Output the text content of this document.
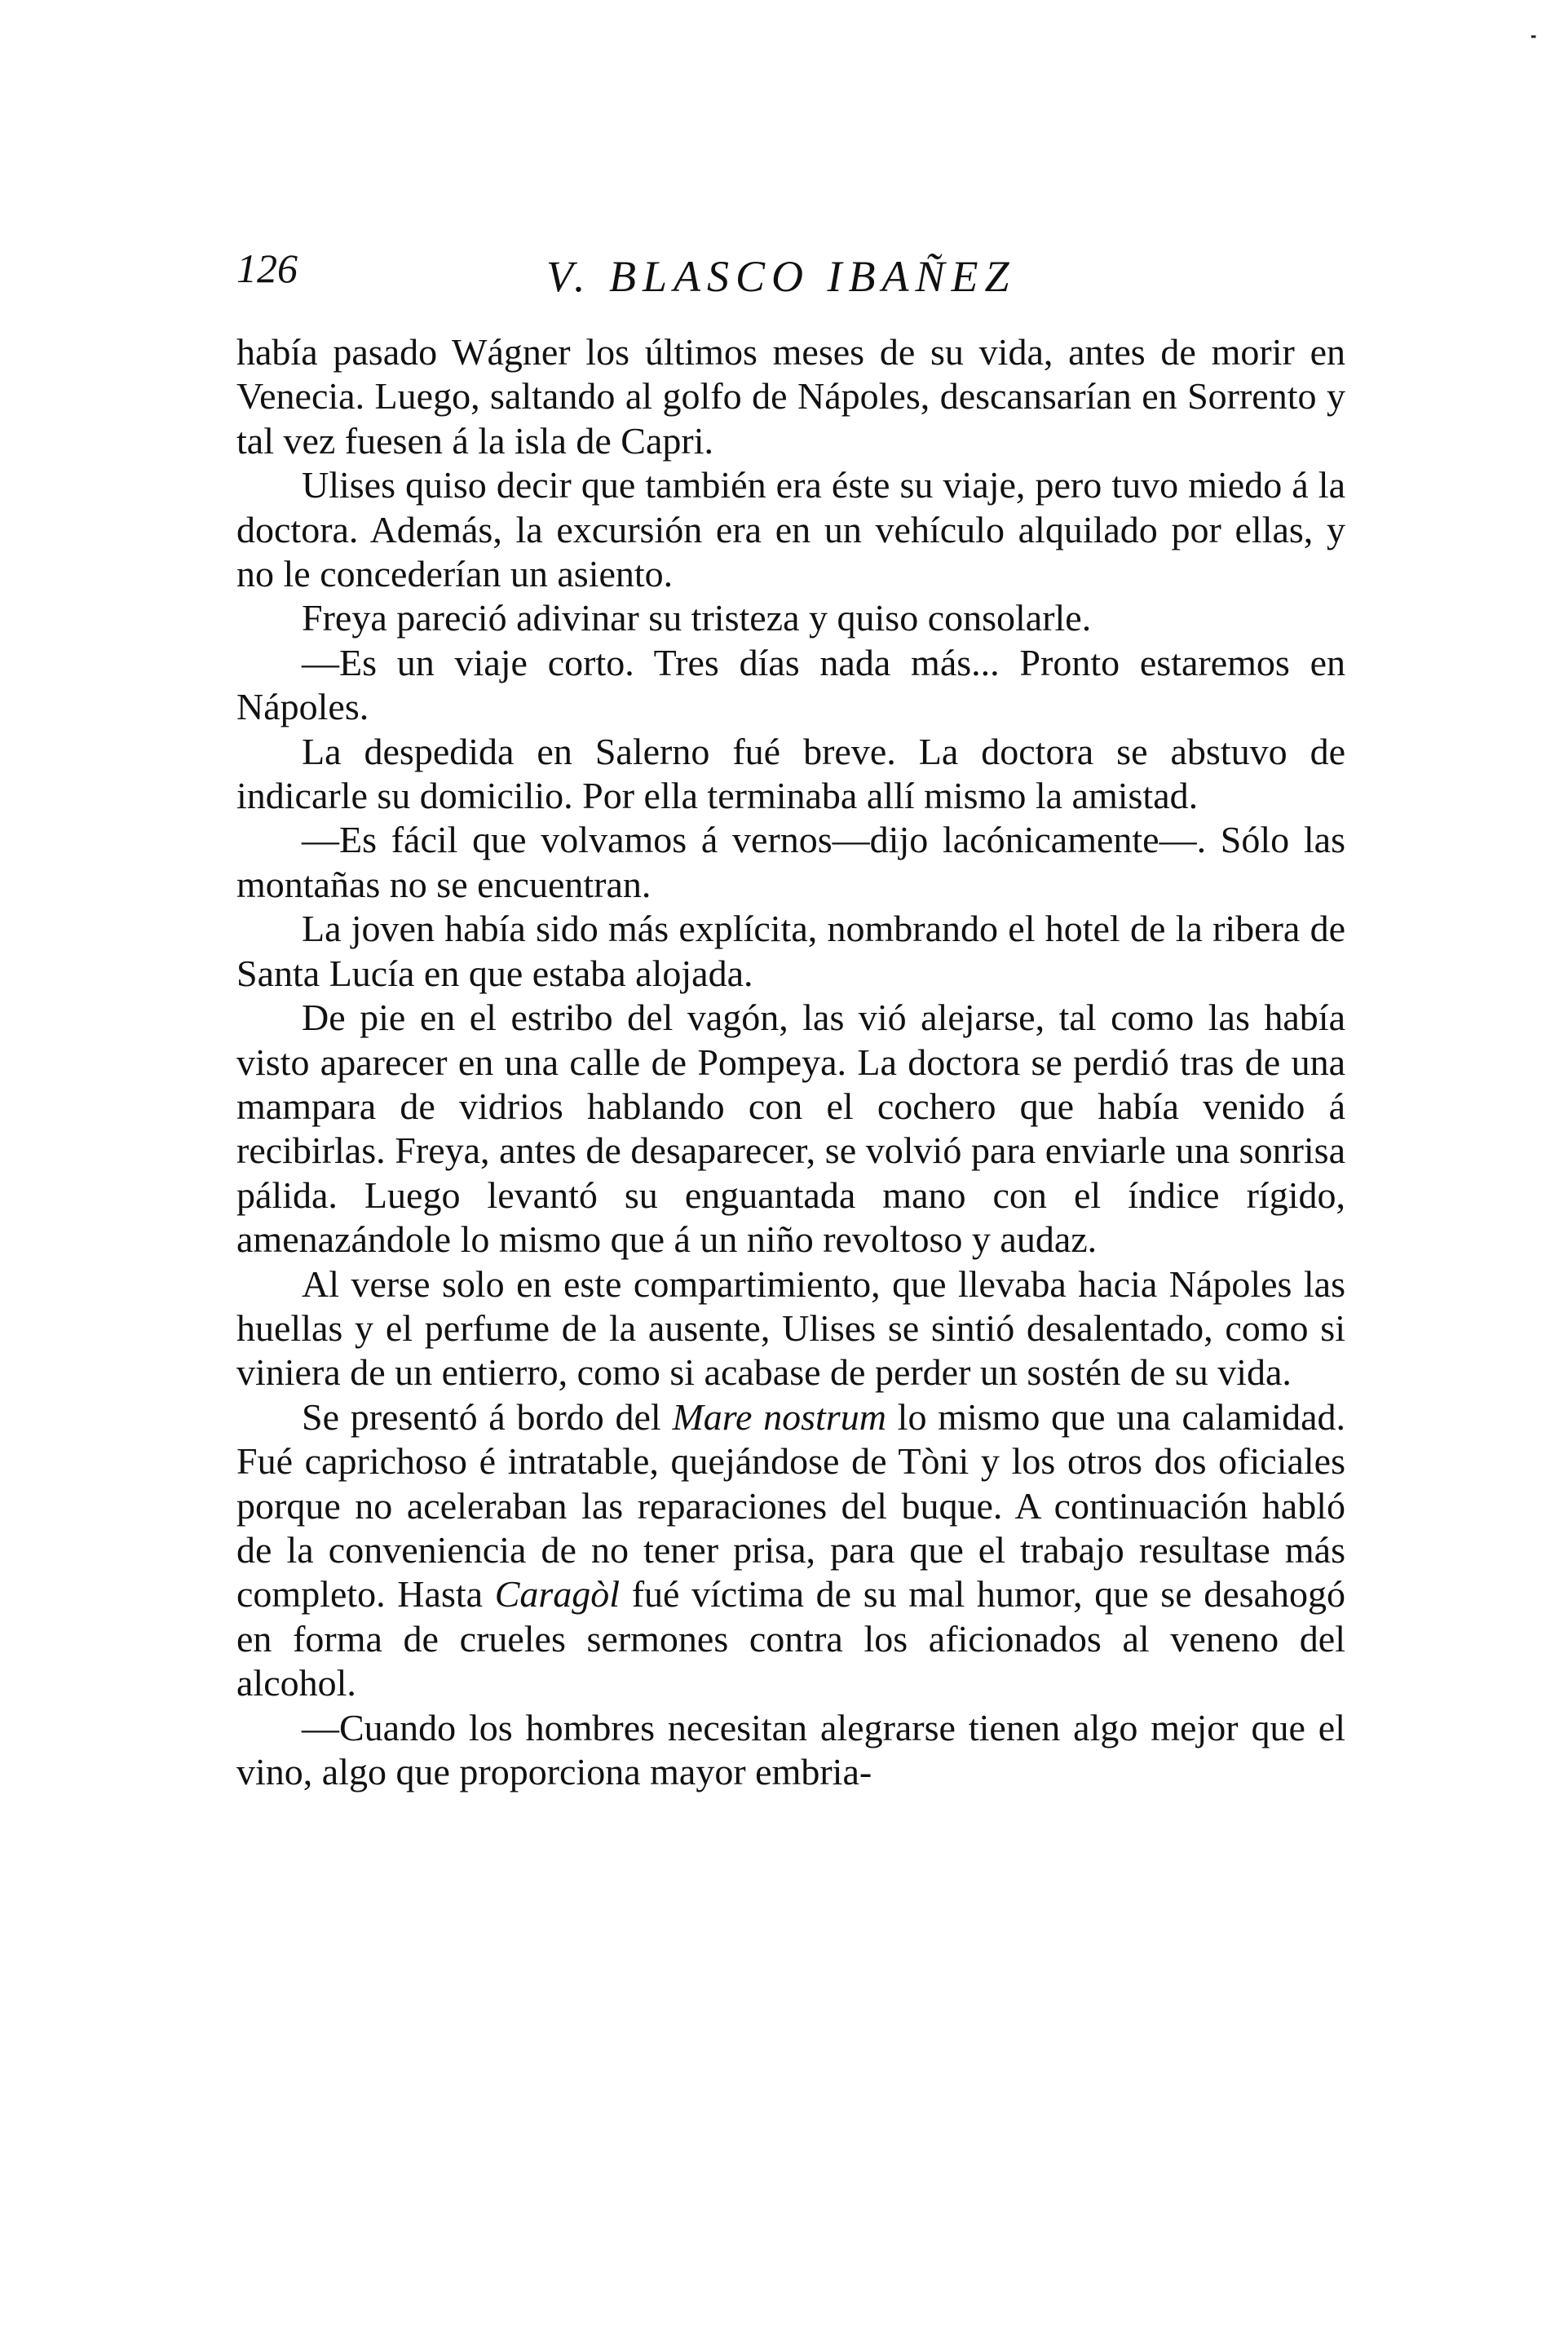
╸
126	V. BLASCO IBAÑEZ

había pasado Wágner los últimos meses de su vida, antes de morir en Venecia. Luego, saltando al golfo de Nápoles, descansarían en Sorrento y tal vez fuesen á la isla de Capri.

Ulises quiso decir que también era éste su viaje, pero tuvo miedo á la doctora. Además, la excursión era en un vehículo alquilado por ellas, y no le concederían un asiento.

Freya pareció adivinar su tristeza y quiso consolarle.

—Es un viaje corto. Tres días nada más... Pronto estaremos en Nápoles.

La despedida en Salerno fué breve. La doctora se abstuvo de indicarle su domicilio. Por ella terminaba allí mismo la amistad.

—Es fácil que volvamos á vernos—dijo lacónicamente—. Sólo las montañas no se encuentran.

La joven había sido más explícita, nombrando el hotel de la ribera de Santa Lucía en que estaba alojada.

De pie en el estribo del vagón, las vió alejarse, tal como las había visto aparecer en una calle de Pompeya. La doctora se perdió tras de una mampara de vidrios hablando con el cochero que había venido á recibirlas. Freya, antes de desaparecer, se volvió para enviarle una sonrisa pálida. Luego levantó su enguantada mano con el índice rígido, amenazándole lo mismo que á un niño revoltoso y audaz.

Al verse solo en este compartimiento, que llevaba hacia Nápoles las huellas y el perfume de la ausente, Ulises se sintió desalentado, como si viniera de un entierro, como si acabase de perder un sostén de su vida.

Se presentó á bordo del Mare nostrum lo mismo que una calamidad. Fué caprichoso é intratable, quejándose de Tòni y los otros dos oficiales porque no aceleraban las reparaciones del buque. A continuación habló de la conveniencia de no tener prisa, para que el trabajo resultase más completo. Hasta Caragòl fué víctima de su mal humor, que se desahogó en forma de crueles sermones contra los aficionados al veneno del alcohol.

—Cuando los hombres necesitan alegrarse tienen algo mejor que el vino, algo que proporciona mayor embria-
